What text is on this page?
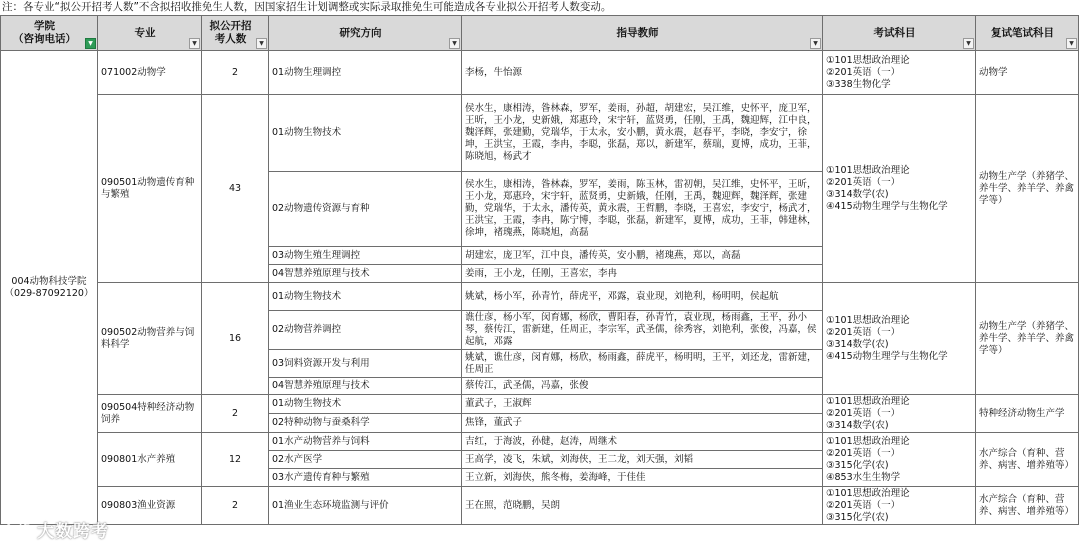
注：各专业“拟公开招考人数”不含拟招收推免生人数，因国家招生计划调整或实际录取推免生可能造成各专业拟公开招考人数变动。
学院
（咨询电话） ▼	专业
▼	拟公开招
考人数 ▼	研究方向
▼	指导教师
▼	考试科目
▼	复试笔试科目
▼

004动物科技学院
（029-87092120）	071002动物学	2	01动物生理调控	李杨，牛怡源	①101思想政治理论
②201英语（一）
③338生物化学	动物学
	090501动物遗传育种
与繁殖	43	01动物生物技术	侯水生，康相涛，昝林森，罗军，姜雨，孙超，胡建宏，吴江维，史怀平，庞卫军，王昕，王小龙，史新娥，郑惠玲，宋宇轩，蓝贤勇，任刚，王禹，魏迎辉，江中良，魏泽辉，张建勤，党瑞华，于太永，安小鹏，黄永震，赵春平，李晓，李安宁，徐坤，王洪宝，王霞，李冉，李聪，张磊，郑以，新建军，蔡瑞，夏博，成功，王菲，陈晓旭，杨武才	①101思想政治理论
②201英语（一）
③314数学(农)
④415动物生理学与生物化学	动物生产学（养猪学、养牛学、养羊学、养禽学等）
			02动物遗传资源与育种	侯水生，康相涛，昝林森，罗军，姜雨，陈玉林，雷初朝，吴江维，史怀平，王昕，王小龙，郑惠玲，宋宇轩，蓝贤勇，史新娥，任刚，王禹，魏迎辉，魏泽辉，张建勤，党瑞华，于太永，潘传英，黄永震，王哲鹏，李晓，王喜宏，李安宁，杨武才，王洪宝，王霞，李冉，陈宁博，李聪，张磊，新建军，夏博，成功，王菲，韩建林，徐坤，褚瑰燕，陈晓旭，高磊		
			03动物生殖生理调控	胡建宏，庞卫军，江中良，潘传英，安小鹏，褚瑰燕，郑以，高磊		
			04智慧养殖原理与技术	姜雨，王小龙，任刚，王喜宏，李冉		
	090502动物营养与饲
料科学	16	01动物生物技术	姚斌，杨小军，孙青竹，薛虎平，邓露，袁业现，刘艳利，杨明明，侯起航	①101思想政治理论
②201英语（一）
③314数学(农)
④415动物生理学与生物化学	动物生产学（养猪学、养牛学、养羊学、养禽学等）
			02动物营养调控	谯仕彦，杨小军，闵育娜，杨欣，曹阳春，孙青竹，袁业现，杨雨鑫，王平，孙小琴，蔡传江，雷新建，任周正，李宗军，武圣儒，徐秀容，刘艳利，张俊，冯嘉，侯起航，邓露		
			03饲料资源开发与利用	姚斌，谯仕彦，闵育娜，杨欣，杨雨鑫，薛虎平，杨明明，王平，刘还龙，雷新建，任周正		
			04智慧养殖原理与技术	蔡传江，武圣儒，冯嘉，张俊		
	090504特种经济动物
饲养	2	01动物生物技术	董武子，王淑辉	①101思想政治理论
②201英语（一）
③314数学(农)	特种经济动物生产学
			02特种动物与蚕桑科学	焦锋，董武子		
	090801水产养殖	12	01水产动物营养与饲料	吉红，于海波，孙健，赵涛，周继术	①101思想政治理论
②201英语（一）
③315化学(农)
④853水生生物学	水产综合（育种、营养、病害、增养殖等）
			02水产医学	王高学，凌飞，朱斌，刘海侠，王二龙，刘天强，刘韬		
			03水产遗传育种与繁殖	王立新，刘海侠，熊冬梅，姜海峰，于佳佳		
	090803渔业资源	2	01渔业生态环境监测与评价	王在照，范晓鹏，吴朗	①101思想政治理论
②201英语（一）
③315化学(农)	水产综合（育种、营养、病害、增养殖等）
大数跨考
